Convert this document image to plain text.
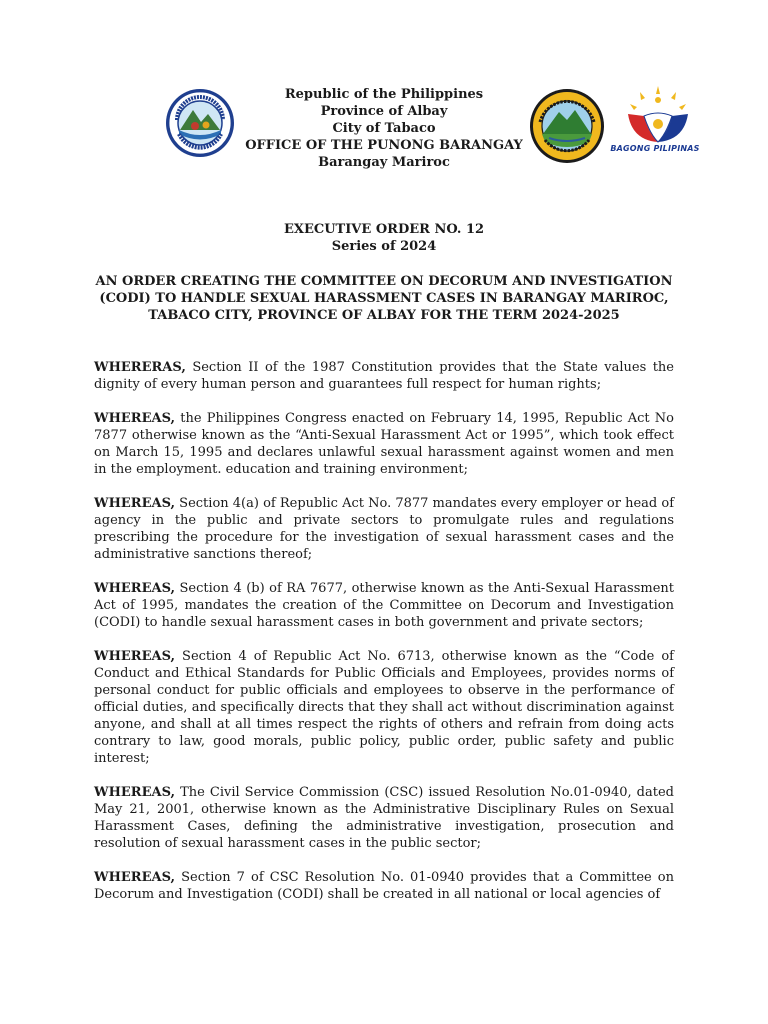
Republic of the Philippines
Province of Albay
City of Tabaco
OFFICE OF THE PUNONG BARANGAY
Barangay Mariroc
BAGONG PILIPINAS
EXECUTIVE ORDER NO. 12
Series of 2024
AN ORDER CREATING THE COMMITTEE ON DECORUM AND INVESTIGATION
(CODI) TO HANDLE SEXUAL HARASSMENT CASES IN BARANGAY MARIROC,
TABACO CITY, PROVINCE OF ALBAY FOR THE TERM 2024-2025

WHERERAS, Section II of the 1987 Constitution provides that the State values the dignity of every human person and guarantees full respect for human rights;

WHEREAS, the Philippines Congress enacted on February 14, 1995, Republic Act No 7877 otherwise known as the “Anti-Sexual Harassment Act or 1995”, which took effect on March 15, 1995 and declares unlawful sexual harassment against women and men in the employment. education and training environment;

WHEREAS, Section 4(a) of Republic Act No. 7877 mandates every employer or head of agency in the public and private sectors to promulgate rules and regulations prescribing the procedure for the investigation of sexual harassment cases and the administrative sanctions thereof;

WHEREAS, Section 4 (b) of RA 7677, otherwise known as the Anti-Sexual Harassment Act of 1995, mandates the creation of the Committee on Decorum and Investigation (CODI) to handle sexual harassment cases in both government and private sectors;

WHEREAS, Section 4 of Republic Act No. 6713, otherwise known as the “Code of Conduct and Ethical Standards for Public Officials and Employees, provides norms of personal conduct for public officials and employees to observe in the performance of official duties, and specifically directs that they shall act without discrimination against anyone, and shall at all times respect the rights of others and refrain from doing acts contrary to law, good morals, public policy, public order, public safety and public interest;

WHEREAS, The Civil Service Commission (CSC) issued Resolution No.01-0940, dated May 21, 2001, otherwise known as the Administrative Disciplinary Rules on Sexual Harassment Cases, defining the administrative investigation, prosecution and resolution of sexual harassment cases in the public sector;

WHEREAS, Section 7 of CSC Resolution No. 01-0940 provides that a Committee on Decorum and Investigation (CODI) shall be created in all national or local agencies of
